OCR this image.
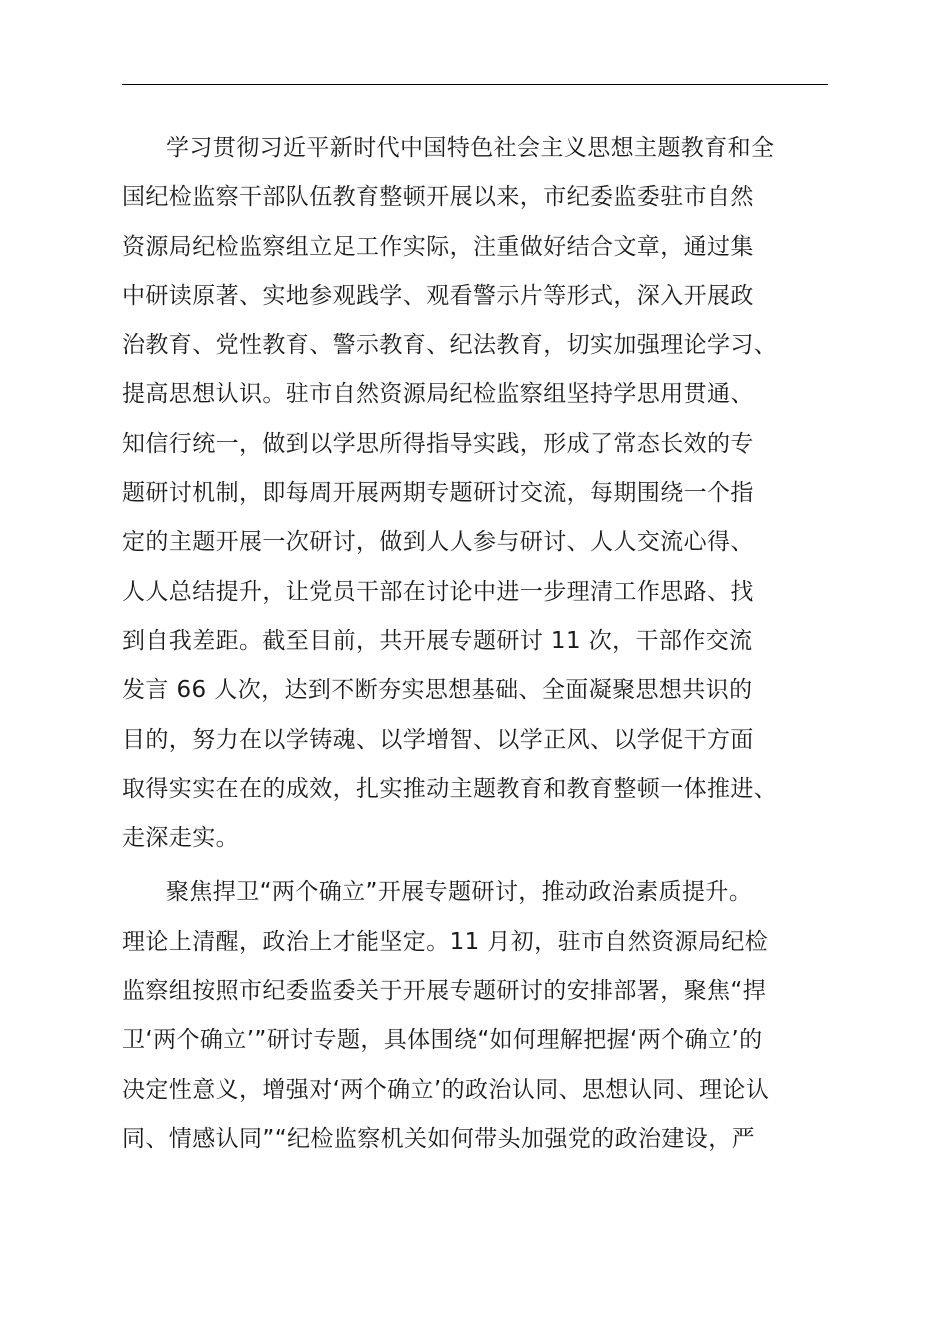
学习贯彻习近平新时代中国特色社会主义思想主题教育和全
国纪检监察干部队伍教育整顿开展以来，市纪委监委驻市自然
资源局纪检监察组立足工作实际，注重做好结合文章，通过集
中研读原著、实地参观践学、观看警示片等形式，深入开展政
治教育、党性教育、警示教育、纪法教育，切实加强理论学习、
提高思想认识。驻市自然资源局纪检监察组坚持学思用贯通、
知信行统一，做到以学思所得指导实践，形成了常态长效的专
题研讨机制，即每周开展两期专题研讨交流，每期围绕一个指
定的主题开展一次研讨，做到人人参与研讨、人人交流心得、
人人总结提升，让党员干部在讨论中进一步理清工作思路、找
到自我差距。截至目前，共开展专题研讨 11 次，干部作交流
发言 66 人次，达到不断夯实思想基础、全面凝聚思想共识的
目的，努力在以学铸魂、以学增智、以学正风、以学促干方面
取得实实在在的成效，扎实推动主题教育和教育整顿一体推进、
走深走实。
聚焦捍卫“两个确立”开展专题研讨，推动政治素质提升。
理论上清醒，政治上才能坚定。11 月初，驻市自然资源局纪检
监察组按照市纪委监委关于开展专题研讨的安排部署，聚焦“捍
卫‘两个确立’”研讨专题，具体围绕“如何理解把握‘两个确立’的
决定性意义，增强对‘两个确立’的政治认同、思想认同、理论认
同、情感认同”“纪检监察机关如何带头加强党的政治建设，严
